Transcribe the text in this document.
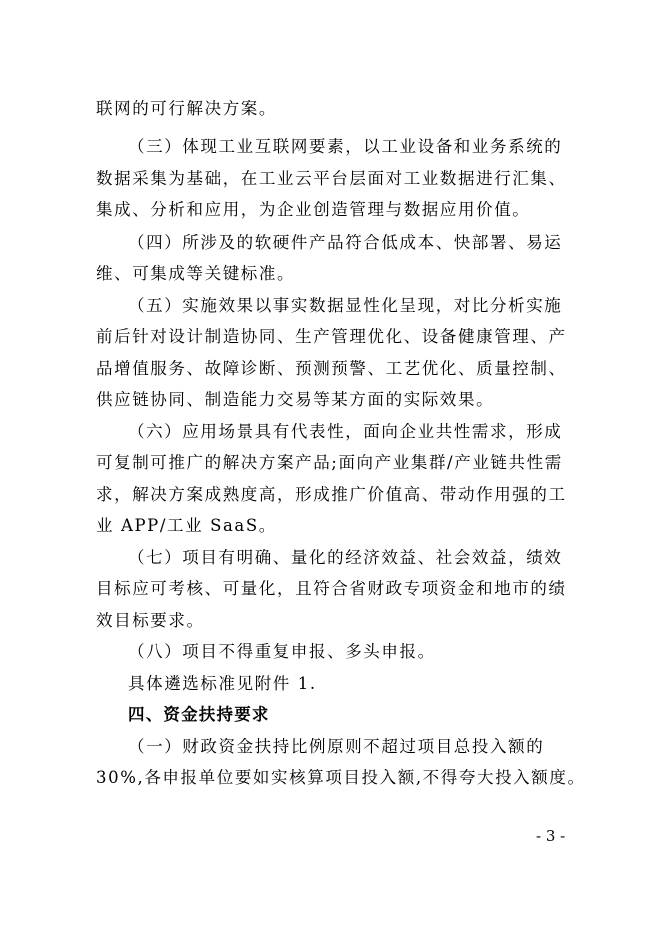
联网的可行解决方案。
（三）体现工业互联网要素，以工业设备和业务系统的
数据采集为基础，在工业云平台层面对工业数据进行汇集、
集成、分析和应用，为企业创造管理与数据应用价值。
（四）所涉及的软硬件产品符合低成本、快部署、易运
维、可集成等关键标准。
（五）实施效果以事实数据显性化呈现，对比分析实施
前后针对设计制造协同、生产管理优化、设备健康管理、产
品增值服务、故障诊断、预测预警、工艺优化、质量控制、
供应链协同、制造能力交易等某方面的实际效果。
（六）应用场景具有代表性，面向企业共性需求，形成
可复制可推广的解决方案产品;面向产业集群/产业链共性需
求，解决方案成熟度高，形成推广价值高、带动作用强的工
业 APP/工业 SaaS。
（七）项目有明确、量化的经济效益、社会效益，绩效
目标应可考核、可量化，且符合省财政专项资金和地市的绩
效目标要求。
（八）项目不得重复申报、多头申报。
具体遴选标准见附件 1.
四、资金扶持要求
（一）财政资金扶持比例原则不超过项目总投入额的
30%,各申报单位要如实核算项目投入额,不得夸大投入额度。
- 3 -
